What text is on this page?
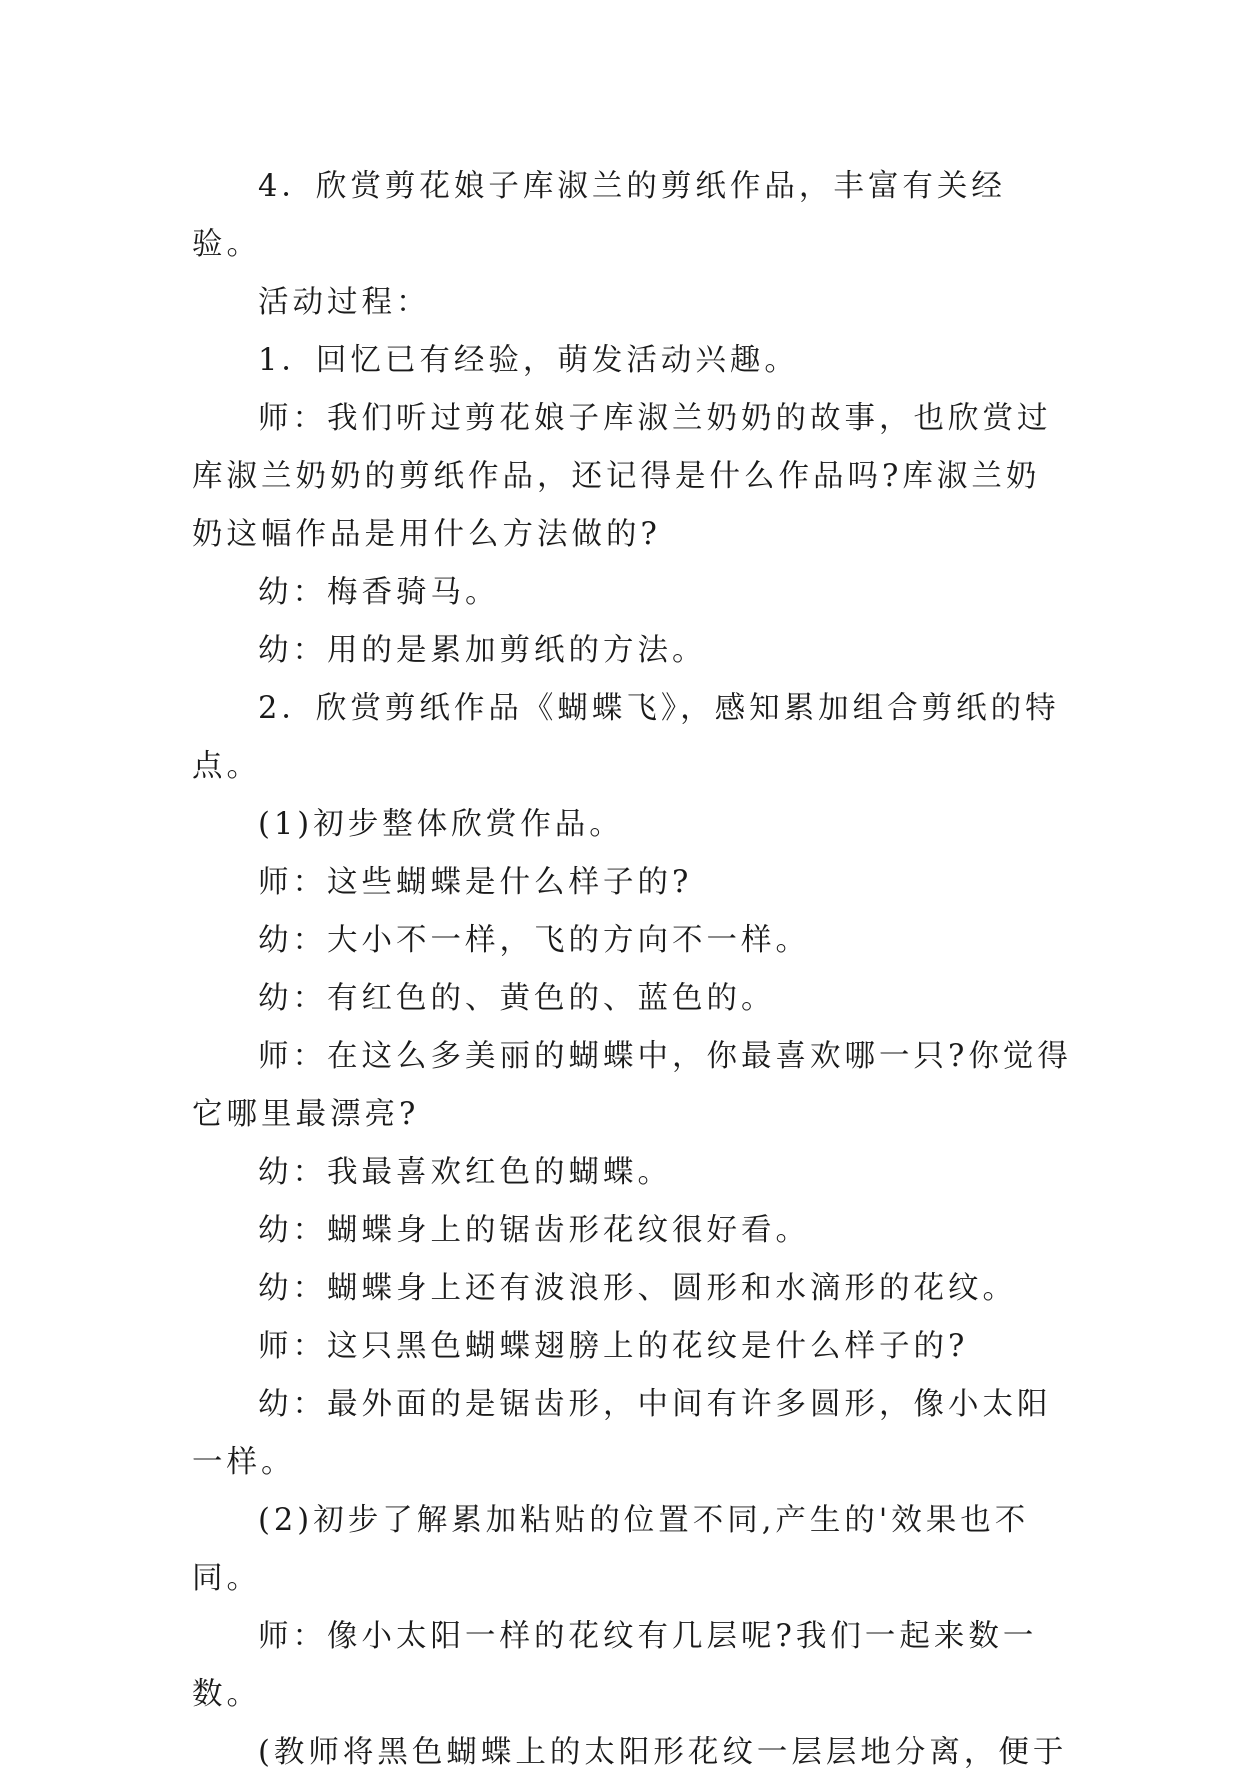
4．欣赏剪花娘子库淑兰的剪纸作品，丰富有关经验。

活动过程：

1．回忆已有经验，萌发活动兴趣。

师：我们听过剪花娘子库淑兰奶奶的故事，也欣赏过库淑兰奶奶的剪纸作品，还记得是什么作品吗?库淑兰奶奶这幅作品是用什么方法做的?

幼：梅香骑马。

幼：用的是累加剪纸的方法。

2．欣赏剪纸作品《蝴蝶飞》，感知累加组合剪纸的特点。

(1)初步整体欣赏作品。

师：这些蝴蝶是什么样子的?

幼：大小不一样，飞的方向不一样。

幼：有红色的、黄色的、蓝色的。

师：在这么多美丽的蝴蝶中，你最喜欢哪一只?你觉得它哪里最漂亮?

幼：我最喜欢红色的蝴蝶。

幼：蝴蝶身上的锯齿形花纹很好看。

幼：蝴蝶身上还有波浪形、圆形和水滴形的花纹。

师：这只黑色蝴蝶翅膀上的花纹是什么样子的?

幼：最外面的是锯齿形，中间有许多圆形，像小太阳一样。

(2)初步了解累加粘贴的位置不同,产生的'效果也不同。

师：像小太阳一样的花纹有几层呢?我们一起来数一数。

(教师将黑色蝴蝶上的太阳形花纹一层层地分离，便于
